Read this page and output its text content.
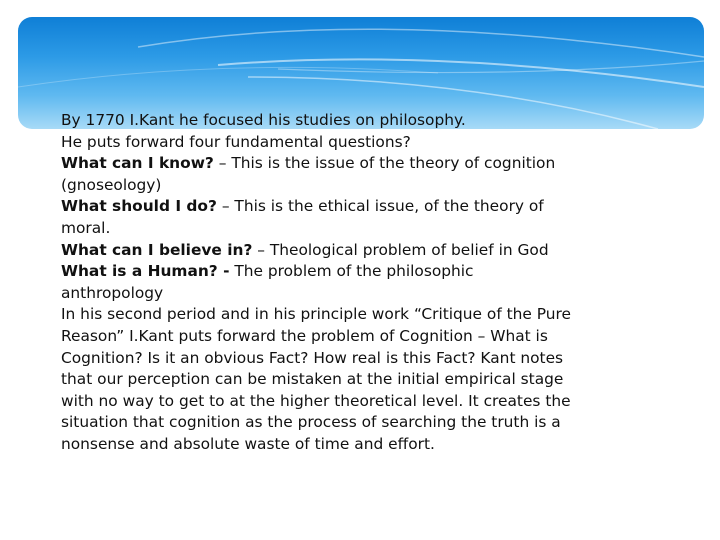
By 1770 I.Kant he focused his studies on philosophy.
He puts forward four fundamental questions?
What can I know? – This is the issue of the theory of cognition
(gnoseology)
What should I do? – This is the ethical issue, of the theory of
moral.
What can I believe in? – Theological problem of belief in God
What is a Human? - The problem of the philosophic
anthropology
In his second period and in his principle work “Critique of the Pure
Reason” I.Kant puts forward the problem of Cognition – What is
Cognition? Is it an obvious Fact? How real is this Fact? Kant notes
that our perception can be mistaken at the initial empirical stage
with no way to get to at the higher theoretical level. It creates the
situation that cognition as the process of searching the truth is a
nonsense and absolute waste of time and effort.
